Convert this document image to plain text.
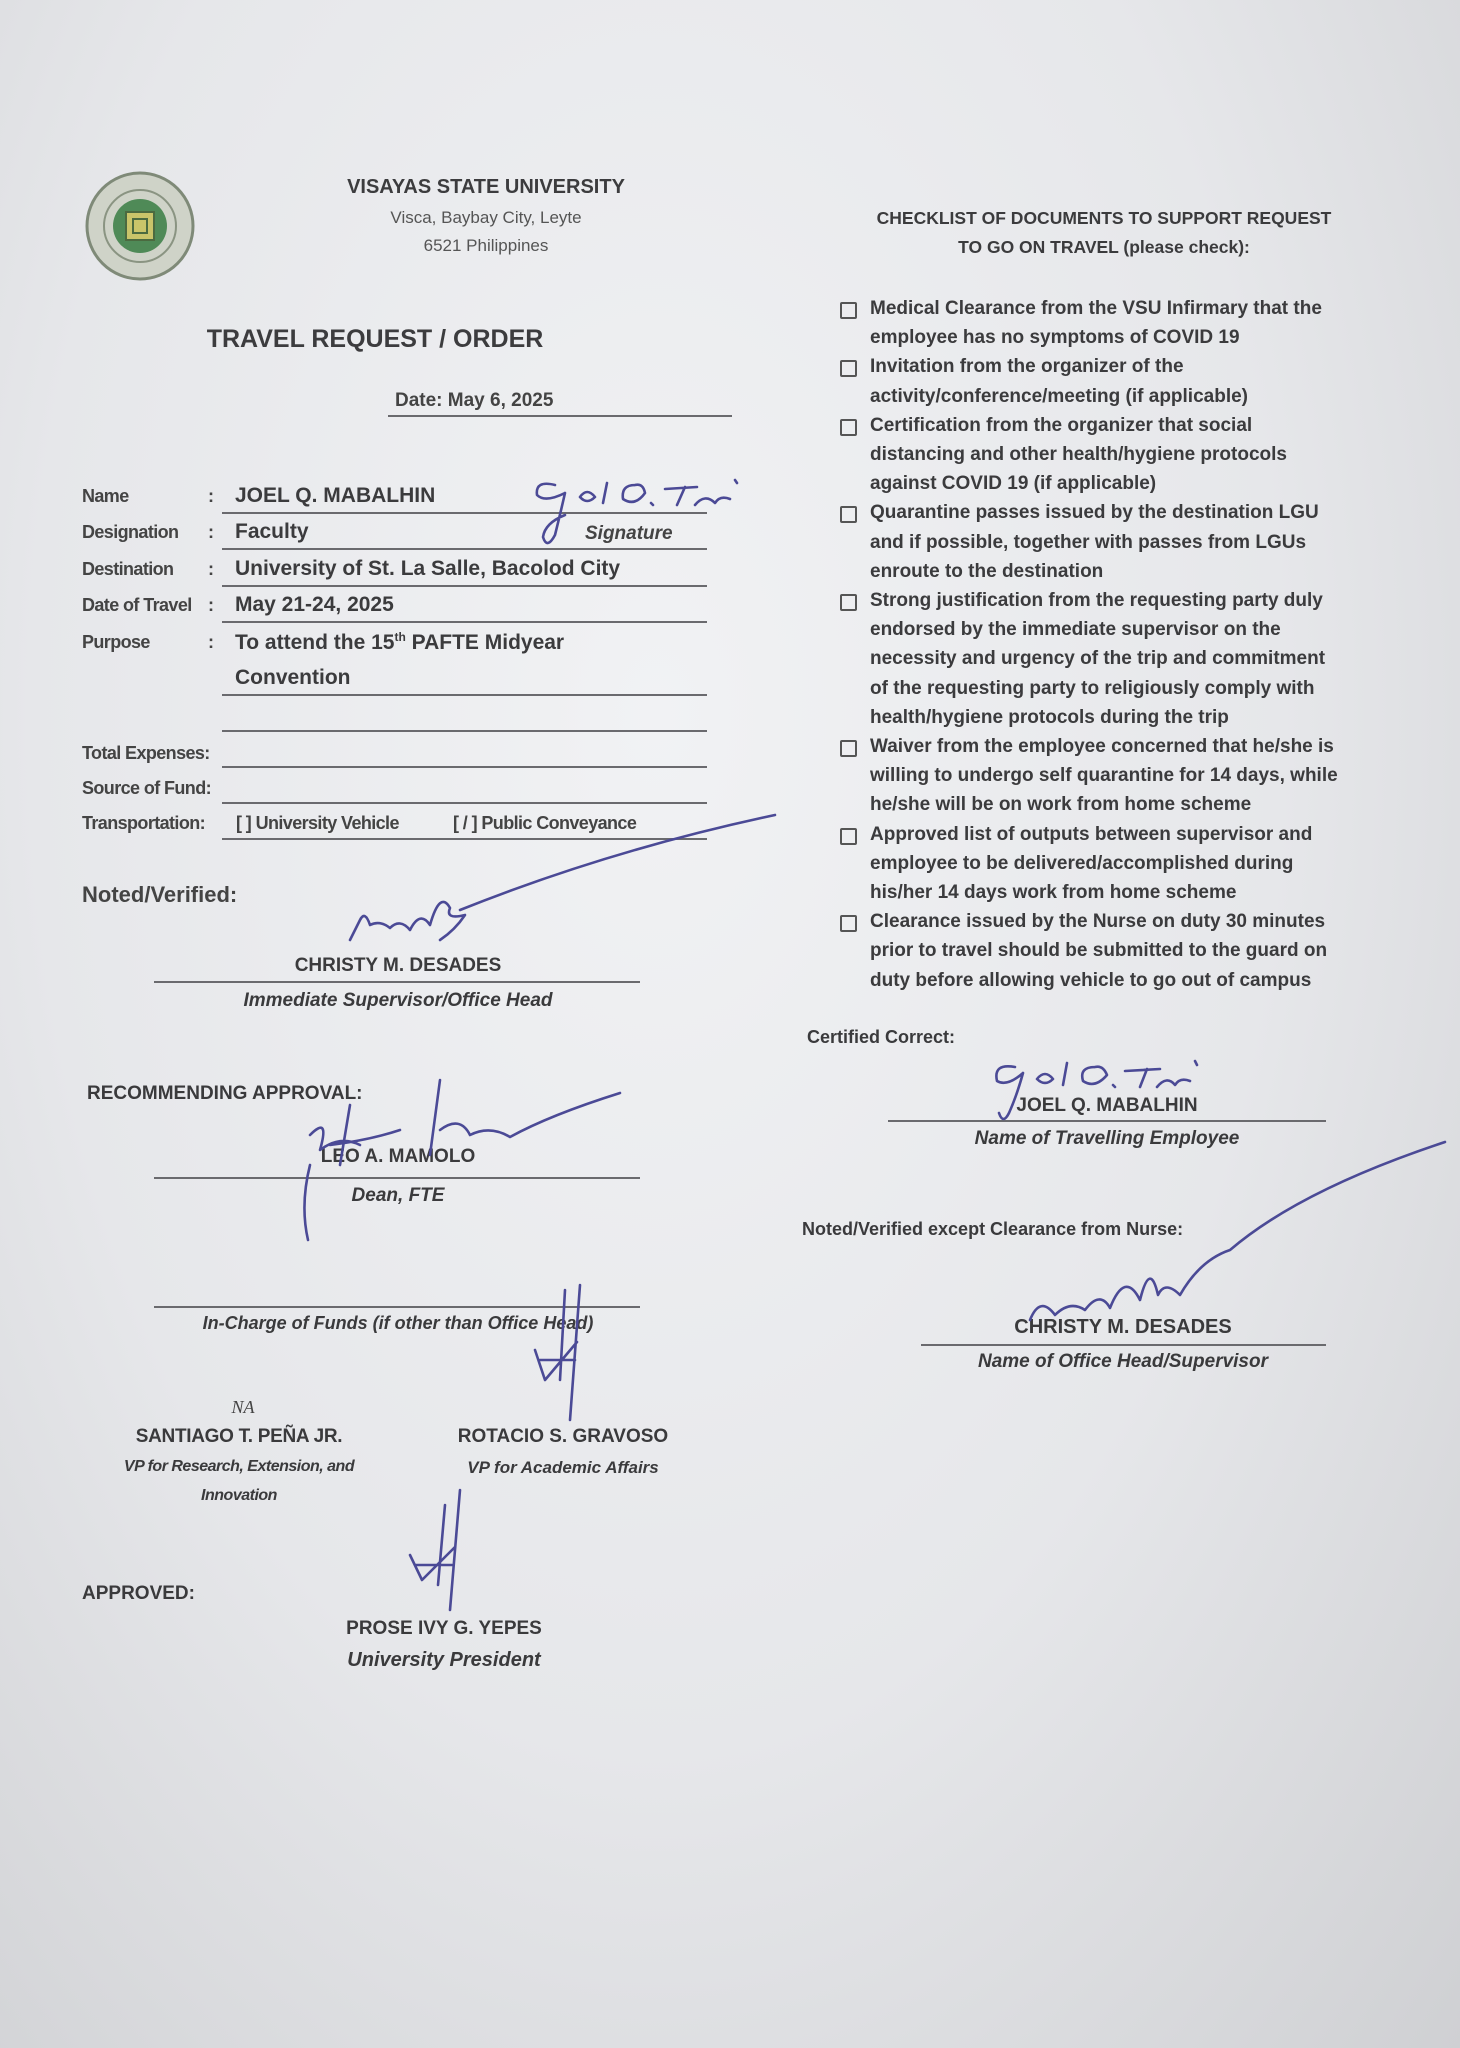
VISAYAS STATE UNIVERSITY
Visca, Baybay City, Leyte
6521 Philippines
TRAVEL REQUEST / ORDER
Date: May 6, 2025
Name	: JOEL Q. MABALHIN
Designation : Faculty	Signature
Destination : University of St. La Salle, Bacolod City
Date of Travel : May 21-24, 2025
Purpose	: To attend the 15th PAFTE Midyear
Convention
Total Expenses:
Source of Fund:
Transportation: [ ] University Vehicle	[ / ] Public Conveyance
Noted/Verified:
CHRISTY M. DESADES
Immediate Supervisor/Office Head
RECOMMENDING APPROVAL:
LEO A. MAMOLO
Dean, FTE
In-Charge of Funds (if other than Office Head)
NA
SANTIAGO T. PEÑA JR.
VP for Research, Extension, and
Innovation
ROTACIO S. GRAVOSO
VP for Academic Affairs
APPROVED:
PROSE IVY G. YEPES
University President
CHECKLIST OF DOCUMENTS TO SUPPORT REQUEST
TO GO ON TRAVEL (please check):
Medical Clearance from the VSU Infirmary that the
employee has no symptoms of COVID 19
Invitation from the organizer of the
activity/conference/meeting (if applicable)
Certification from the organizer that social
distancing and other health/hygiene protocols
against COVID 19 (if applicable)
Quarantine passes issued by the destination LGU
and if possible, together with passes from LGUs
enroute to the destination
Strong justification from the requesting party duly
endorsed by the immediate supervisor on the
necessity and urgency of the trip and commitment
of the requesting party to religiously comply with
health/hygiene protocols during the trip
Waiver from the employee concerned that he/she is
willing to undergo self quarantine for 14 days, while
he/she will be on work from home scheme
Approved list of outputs between supervisor and
employee to be delivered/accomplished during
his/her 14 days work from home scheme
Clearance issued by the Nurse on duty 30 minutes
prior to travel should be submitted to the guard on
duty before allowing vehicle to go out of campus
Certified Correct:
JOEL Q. MABALHIN
Name of Travelling Employee
Noted/Verified except Clearance from Nurse:
CHRISTY M. DESADES
Name of Office Head/Supervisor
